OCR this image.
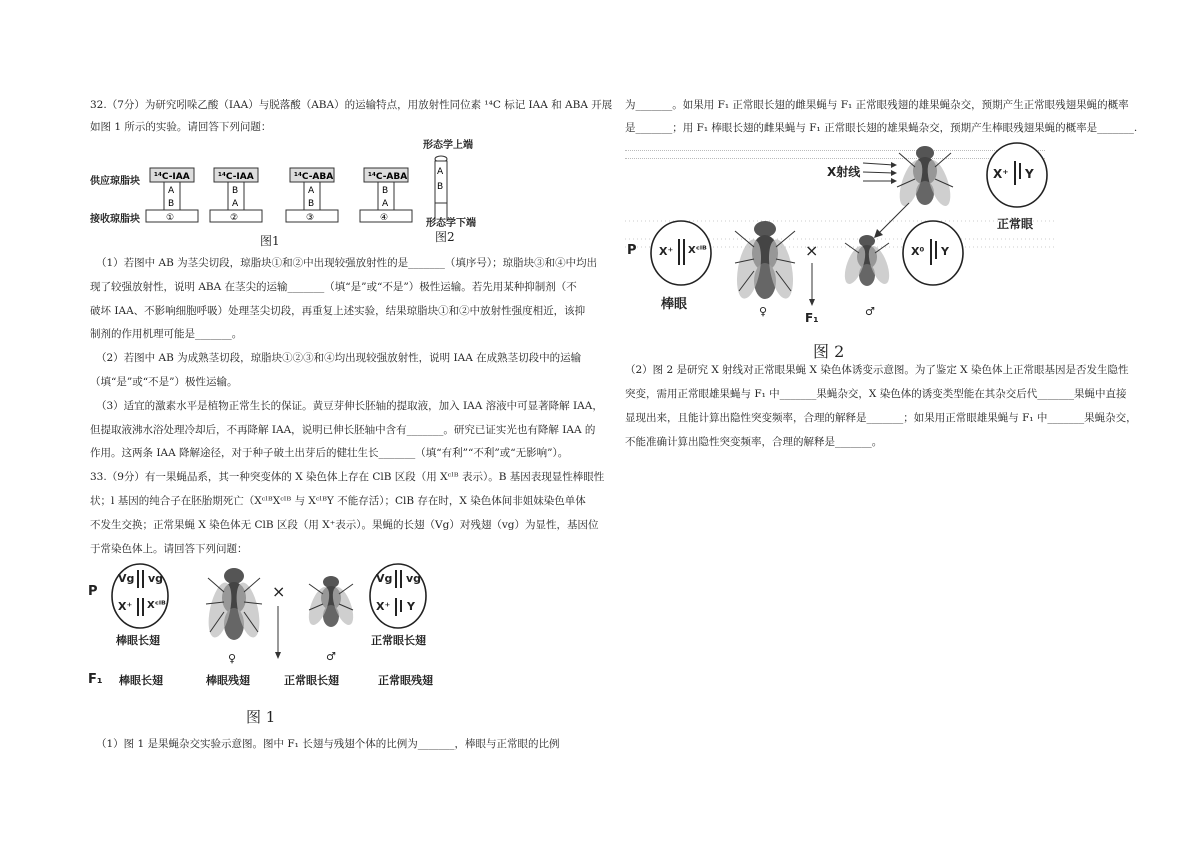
32.（7分）为研究吲哚乙酸（IAA）与脱落酸（ABA）的运输特点，用放射性同位素 ¹⁴C 标记 IAA 和 ABA 开展
如图 1 所示的实验。请回答下列问题：
供应琼脂块
接收琼脂块
¹⁴C-IAA
A
B
①
¹⁴C-IAA
B
A
②
¹⁴C-ABA
A
B
③
¹⁴C-ABA
B
A
④
A
B
形态学上端
形态学下端
图1	图2
（1）若图中 AB 为茎尖切段，琼脂块①和②中出现较强放射性的是_______（填序号）；琼脂块③和④中均出
现了较强放射性，说明 ABA 在茎尖的运输_______（填“是”或“不是”）极性运输。若先用某种抑制剂（不
破坏 IAA、不影响细胞呼吸）处理茎尖切段，再重复上述实验，结果琼脂块①和②中放射性强度相近，该抑
制剂的作用机理可能是_______。
（2）若图中 AB 为成熟茎切段，琼脂块①②③和④均出现较强放射性，说明 IAA 在成熟茎切段中的运输
（填“是”或“不是”）极性运输。
（3）适宜的激素水平是植物正常生长的保证。黄豆芽伸长胚轴的提取液，加入 IAA 溶液中可显著降解 IAA，
但提取液沸水浴处理冷却后，不再降解 IAA，说明已伸长胚轴中含有_______。研究已证实光也有降解 IAA 的
作用。这两条 IAA 降解途径，对于种子破土出芽后的健壮生长_______（填“有利”“不利”或“无影响”）。
33.（9分）有一果蝇品系，其一种突变体的 X 染色体上存在 ClB 区段（用 Xᶜˡᴮ 表示）。B 基因表现显性棒眼性
状；l 基因的纯合子在胚胎期死亡（XᶜˡᴮXᶜˡᴮ 与 XᶜˡᴮY 不能存活）；ClB 存在时，X 染色体间非姐妹染色单体
不发生交换；正常果蝇 X 染色体无 ClB 区段（用 X⁺表示）。果蝇的长翅（Vg）对残翅（vg）为显性，基因位
于常染色体上。请回答下列问题：
P
F₁
Vg vg
X⁺ Xᶜˡᴮ
Vg vg
X⁺ Y
×
棒眼长翅	正常眼长翅
♀	♂
棒眼长翅	棒眼残翅	正常眼长翅	正常眼残翅
图 1
（1）图 1 是果蝇杂交实验示意图。图中 F₁ 长翅与残翅个体的比例为_______，棒眼与正常眼的比例
为_______。如果用 F₁ 正常眼长翅的雌果蝇与 F₁ 正常眼残翅的雄果蝇杂交，预期产生正常眼残翅果蝇的概率
是_______；用 F₁ 棒眼长翅的雌果蝇与 F₁ 正常眼长翅的雄果蝇杂交，预期产生棒眼残翅果蝇的概率是_______.
X射线	X⁺ Y
正常眼
P X⁺ Xᶜˡᴮ	×	X⁰ Y
棒眼	♀	♂
F₁
图 2
（2）图 2 是研究 X 射线对正常眼果蝇 X 染色体诱变示意图。为了鉴定 X 染色体上正常眼基因是否发生隐性
突变，需用正常眼雄果蝇与 F₁ 中_______果蝇杂交，X 染色体的诱变类型能在其杂交后代_______果蝇中直接
显现出来，且能计算出隐性突变频率，合理的解释是_______；如果用正常眼雄果蝇与 F₁ 中_______果蝇杂交，
不能准确计算出隐性突变频率，合理的解释是_______。
